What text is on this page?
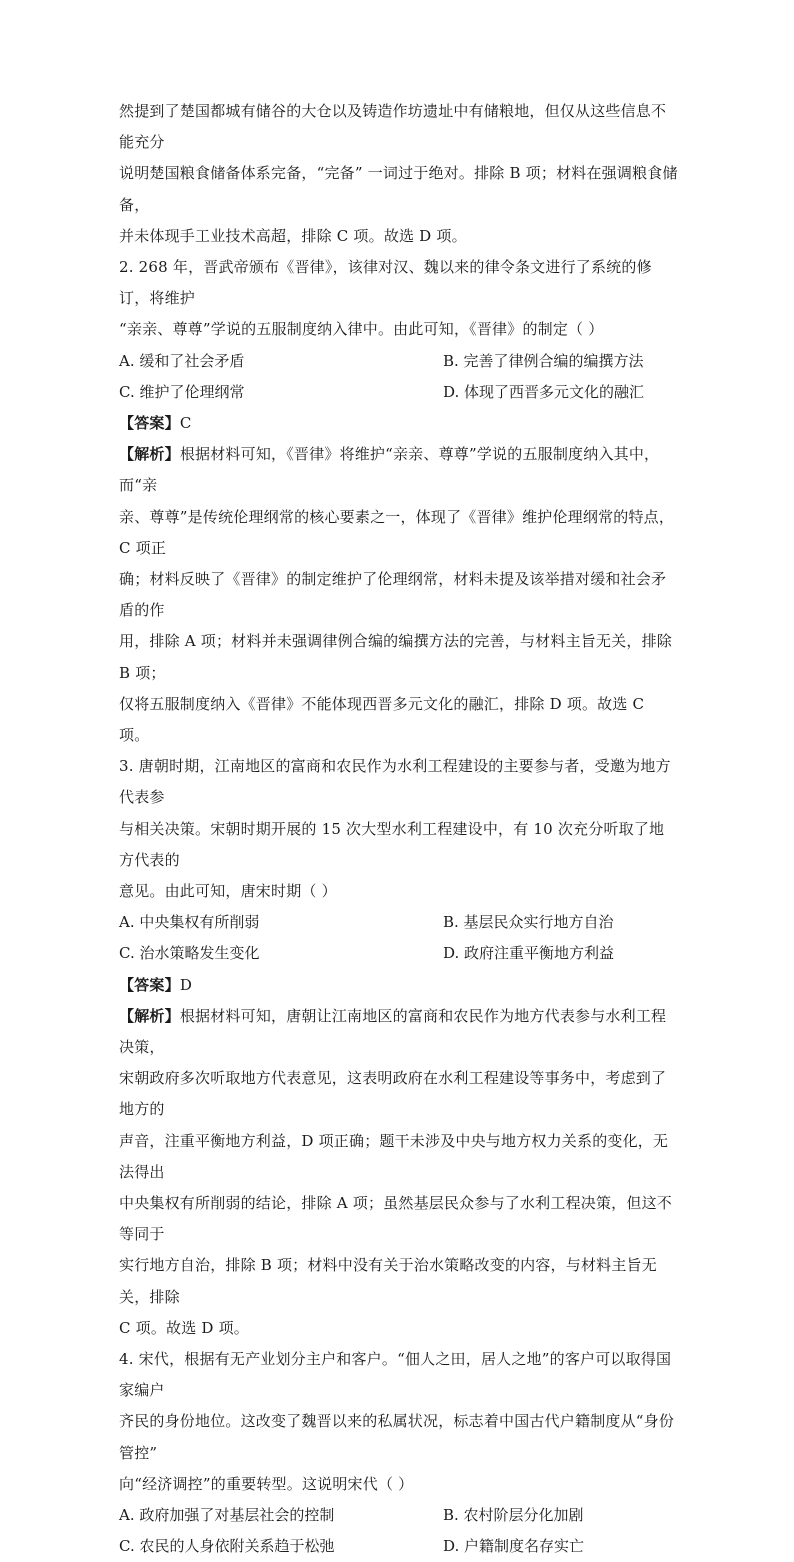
然提到了楚国都城有储谷的大仓以及铸造作坊遗址中有储粮地，但仅从这些信息不能充分

说明楚国粮食储备体系完备，“完备” 一词过于绝对。排除 B 项；材料在强调粮食储备，

并未体现手工业技术高超，排除 C 项。故选 D 项。

2. 268 年，晋武帝颁布《晋律》，该律对汉、魏以来的律令条文进行了系统的修订，将维护

“亲亲、尊尊”学说的五服制度纳入律中。由此可知，《晋律》的制定（ ）

A. 缓和了社会矛盾	B. 完善了律例合编的编撰方法
C. 维护了伦理纲常	D. 体现了西晋多元文化的融汇

【答案】C

【解析】根据材料可知，《晋律》将维护“亲亲、尊尊”学说的五服制度纳入其中，而“亲

亲、尊尊”是传统伦理纲常的核心要素之一，体现了《晋律》维护伦理纲常的特点，C 项正

确；材料反映了《晋律》的制定维护了伦理纲常，材料未提及该举措对缓和社会矛盾的作

用，排除 A 项；材料并未强调律例合编的编撰方法的完善，与材料主旨无关，排除 B 项；

仅将五服制度纳入《晋律》不能体现西晋多元文化的融汇，排除 D 项。故选 C 项。

3. 唐朝时期，江南地区的富商和农民作为水利工程建设的主要参与者，受邀为地方代表参

与相关决策。宋朝时期开展的 15 次大型水利工程建设中，有 10 次充分听取了地方代表的

意见。由此可知，唐宋时期（ ）

A. 中央集权有所削弱	B. 基层民众实行地方自治
C. 治水策略发生变化	D. 政府注重平衡地方利益

【答案】D

【解析】根据材料可知，唐朝让江南地区的富商和农民作为地方代表参与水利工程决策，

宋朝政府多次听取地方代表意见，这表明政府在水利工程建设等事务中，考虑到了地方的

声音，注重平衡地方利益，D 项正确；题干未涉及中央与地方权力关系的变化，无法得出

中央集权有所削弱的结论，排除 A 项；虽然基层民众参与了水利工程决策，但这不等同于

实行地方自治，排除 B 项；材料中没有关于治水策略改变的内容，与材料主旨无关，排除

C 项。故选 D 项。

4. 宋代，根据有无产业划分主户和客户。“佃人之田，居人之地”的客户可以取得国家编户

齐民的身份地位。这改变了魏晋以来的私属状况，标志着中国古代户籍制度从“身份管控”

向“经济调控”的重要转型。这说明宋代（ ）

A. 政府加强了对基层社会的控制	B. 农村阶层分化加剧
C. 农民的人身依附关系趋于松弛	D. 户籍制度名存实亡
